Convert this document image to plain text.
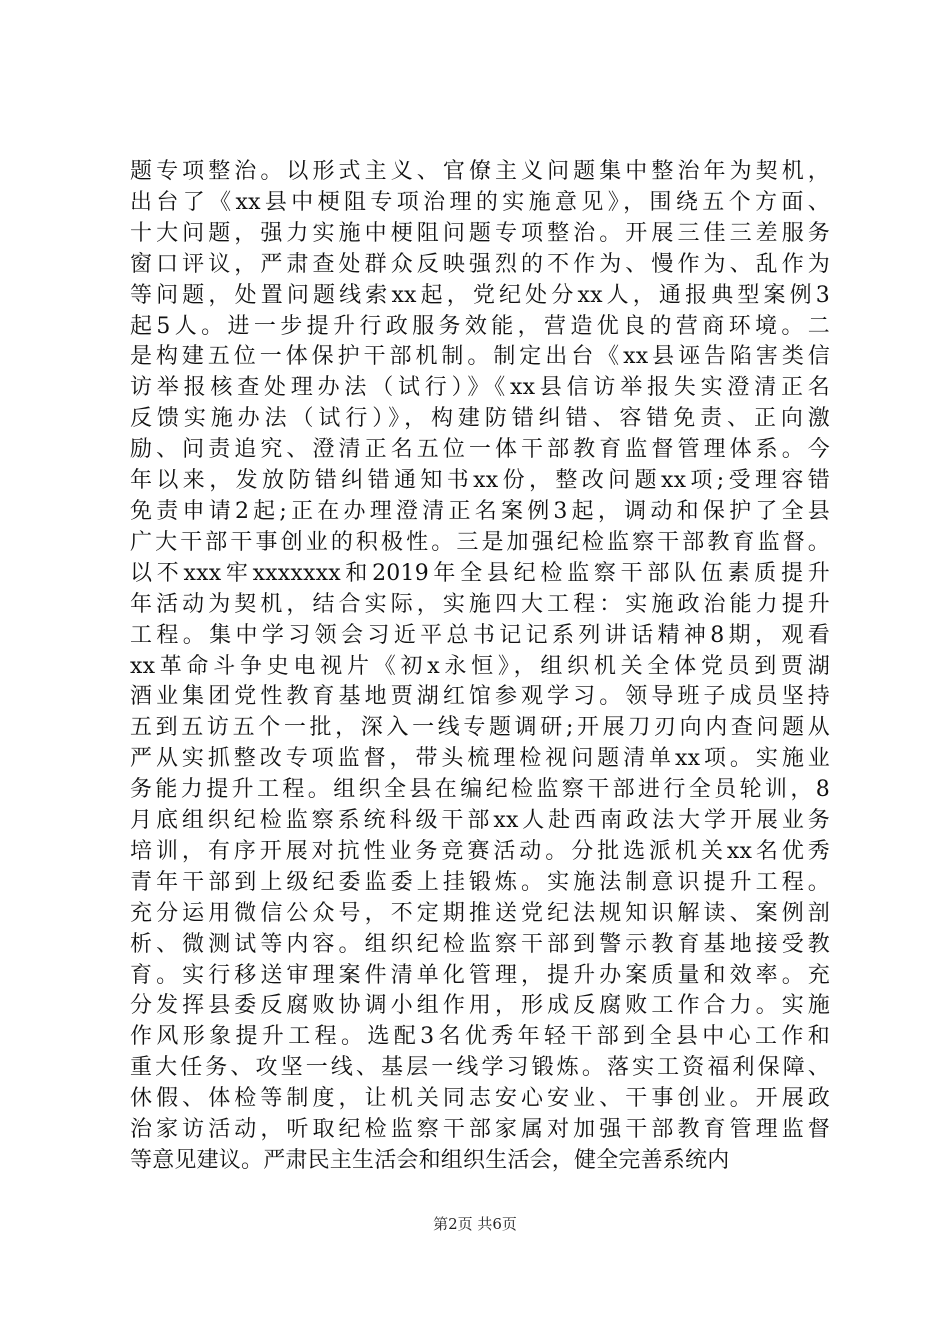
题专项整治。以形式主义、官僚主义问题集中整治年为契机，
出台了《xx县中梗阻专项治理的实施意见》，围绕五个方面、
十大问题，强力实施中梗阻问题专项整治。开展三佳三差服务
窗口评议，严肃查处群众反映强烈的不作为、慢作为、乱作为
等问题，处置问题线索xx起，党纪处分xx人，通报典型案例3
起5人。进一步提升行政服务效能，营造优良的营商环境。二
是构建五位一体保护干部机制。制定出台《xx县诬告陷害类信
访举报核查处理办法（试行）》《xx县信访举报失实澄清正名
反馈实施办法（试行）》，构建防错纠错、容错免责、正向激
励、问责追究、澄清正名五位一体干部教育监督管理体系。今
年以来，发放防错纠错通知书xx份，整改问题xx项;受理容错
免责申请2起;正在办理澄清正名案例3起，调动和保护了全县
广大干部干事创业的积极性。三是加强纪检监察干部教育监督。
以不xxx牢xxxxxxx和2019年全县纪检监察干部队伍素质提升
年活动为契机，结合实际，实施四大工程：实施政治能力提升
工程。集中学习领会习近平总书记记系列讲话精神8期，观看
xx革命斗争史电视片《初x永恒》，组织机关全体党员到贾湖
酒业集团党性教育基地贾湖红馆参观学习。领导班子成员坚持
五到五访五个一批，深入一线专题调研;开展刀刃向内查问题从
严从实抓整改专项监督，带头梳理检视问题清单xx项。实施业
务能力提升工程。组织全县在编纪检监察干部进行全员轮训，8
月底组织纪检监察系统科级干部xx人赴西南政法大学开展业务
培训，有序开展对抗性业务竞赛活动。分批选派机关xx名优秀
青年干部到上级纪委监委上挂锻炼。实施法制意识提升工程。
充分运用微信公众号，不定期推送党纪法规知识解读、案例剖
析、微测试等内容。组织纪检监察干部到警示教育基地接受教
育。实行移送审理案件清单化管理，提升办案质量和效率。充
分发挥县委反腐败协调小组作用，形成反腐败工作合力。实施
作风形象提升工程。选配3名优秀年轻干部到全县中心工作和
重大任务、攻坚一线、基层一线学习锻炼。落实工资福利保障、
休假、体检等制度，让机关同志安心安业、干事创业。开展政
治家访活动，听取纪检监察干部家属对加强干部教育管理监督
等意见建议。严肃民主生活会和组织生活会，健全完善系统内
第2页 共6页
